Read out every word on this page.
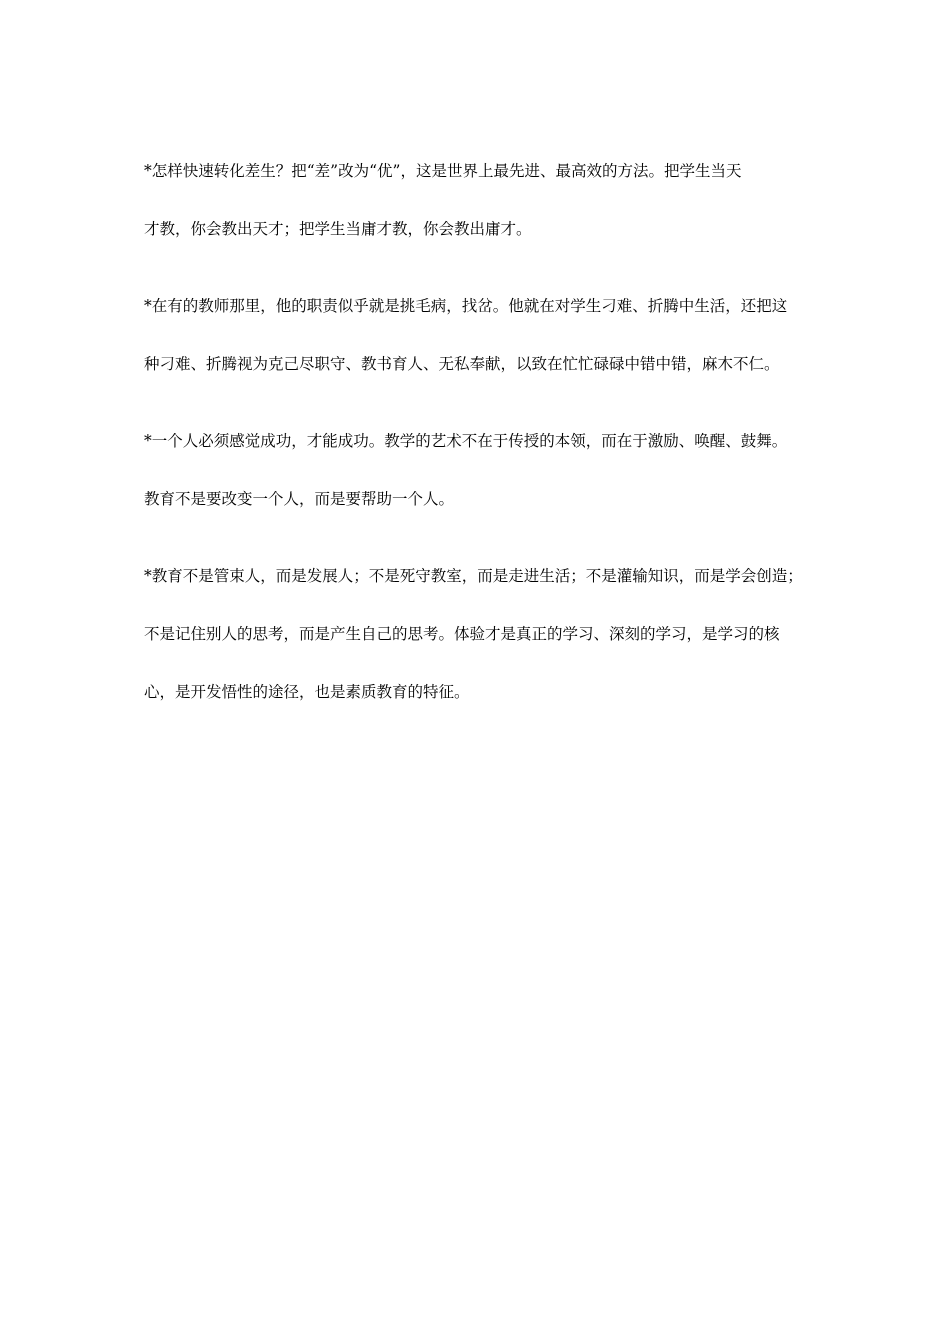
*怎样快速转化差生？把“差”改为“优”，这是世界上最先进、最高效的方法。把学生当天
才教，你会教出天才；把学生当庸才教，你会教出庸才。

*在有的教师那里，他的职责似乎就是挑毛病，找岔。他就在对学生刁难、折腾中生活，还把这
种刁难、折腾视为克己尽职守、教书育人、无私奉献，以致在忙忙碌碌中错中错，麻木不仁。

*一个人必须感觉成功，才能成功。教学的艺术不在于传授的本领，而在于激励、唤醒、鼓舞。
教育不是要改变一个人，而是要帮助一个人。

*教育不是管束人，而是发展人；不是死守教室，而是走进生活；不是灌输知识，而是学会创造；
不是记住别人的思考，而是产生自己的思考。体验才是真正的学习、深刻的学习，是学习的核
心，是开发悟性的途径，也是素质教育的特征。
